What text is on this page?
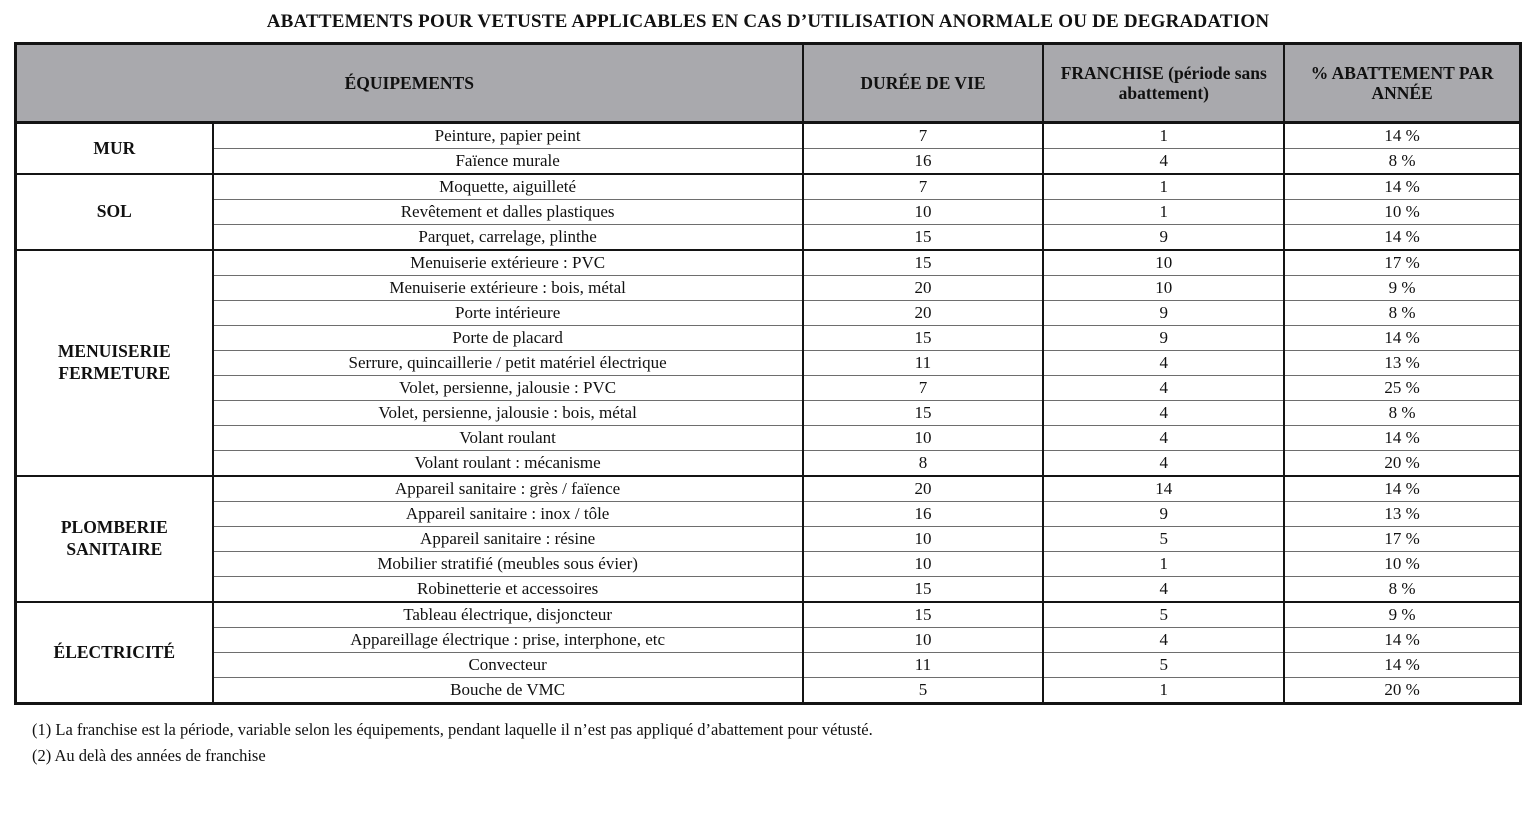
ABATTEMENTS POUR VETUSTE APPLICABLES EN CAS D’UTILISATION ANORMALE OU DE DEGRADATION
ÉQUIPEMENTS		DURÉE DE VIE	FRANCHISE (période sans abattement)	% ABATTEMENT PAR ANNÉE
MUR	Peinture, papier peint	7	1	14 %
	Faïence murale	16	4	8 %
SOL	Moquette, aiguilleté	7	1	14 %
	Revêtement et dalles plastiques	10	1	10 %
	Parquet, carrelage, plinthe	15	9	14 %
MENUISERIE FERMETURE	Menuiserie extérieure : PVC	15	10	17 %
	Menuiserie extérieure : bois, métal	20	10	9 %
	Porte intérieure	20	9	8 %
	Porte de placard	15	9	14 %
	Serrure, quincaillerie / petit matériel électrique	11	4	13 %
	Volet, persienne, jalousie : PVC	7	4	25 %
	Volet, persienne, jalousie : bois, métal	15	4	8 %
	Volant roulant	10	4	14 %
	Volant roulant : mécanisme	8	4	20 %
PLOMBERIE SANITAIRE	Appareil sanitaire : grès / faïence	20	14	14 %
	Appareil sanitaire : inox / tôle	16	9	13 %
	Appareil sanitaire : résine	10	5	17 %
	Mobilier stratifié (meubles sous évier)	10	1	10 %
	Robinetterie et accessoires	15	4	8 %
ÉLECTRICITÉ	Tableau électrique, disjoncteur	15	5	9 %
	Appareillage électrique : prise, interphone, etc	10	4	14 %
	Convecteur	11	5	14 %
	Bouche de VMC	5	1	20 %
(1) La franchise est la période, variable selon les équipements, pendant laquelle il n’est pas appliqué d’abattement pour vétusté.
(2) Au delà des années de franchise
